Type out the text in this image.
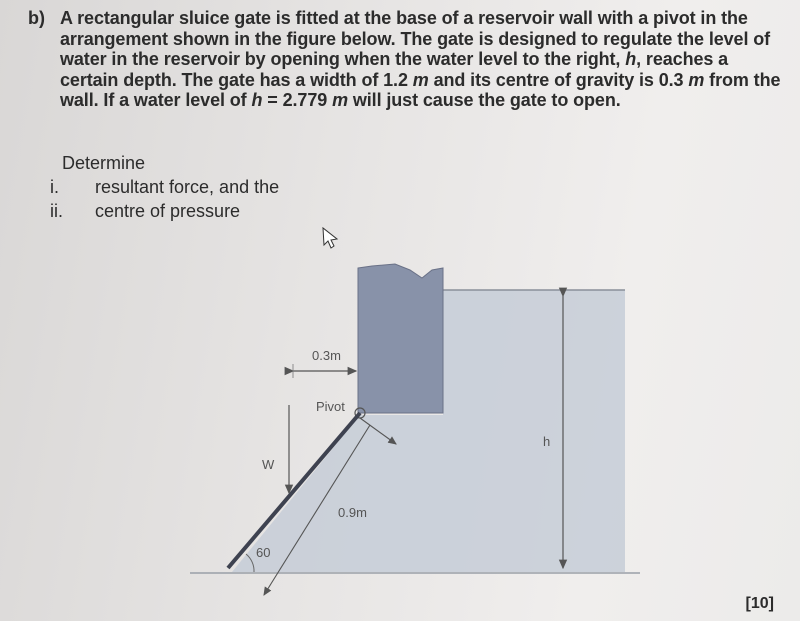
b) A rectangular sluice gate is fitted at the base of a reservoir wall with a pivot in the arrangement shown in the figure below. The gate is designed to regulate the level of water in the reservoir by opening when the water level to the right, h, reaches a certain depth. The gate has a width of 1.2 m and its centre of gravity is 0.3 m from the wall. If a water level of h = 2.779 m will just cause the gate to open.
Determine
i. resultant force, and the
ii. centre of pressure
h
0.3m
Pivot
0.9m
W
60
[10]
